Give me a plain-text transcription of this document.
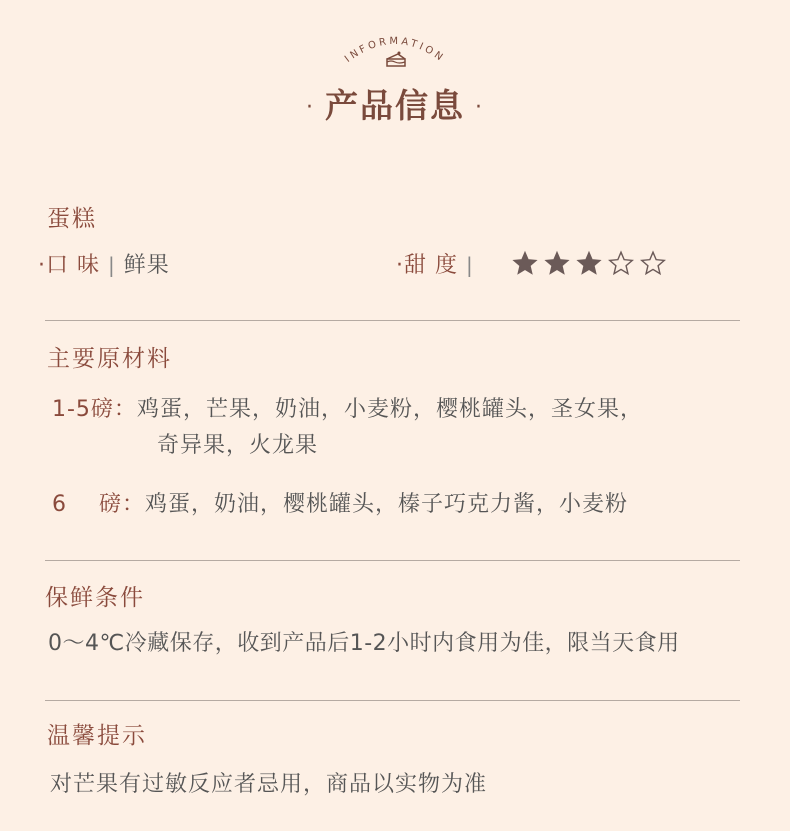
INFORMATION
· 产品信息 ·
蛋糕
·口 味 | 鲜果	·甜 度 |
主要原材料
1-5磅：鸡蛋，芒果，奶油，小麦粉，樱桃罐头，圣女果，
奇异果，火龙果
6    磅：鸡蛋，奶油，樱桃罐头，榛子巧克力酱，小麦粉
保鲜条件
0～4℃冷藏保存，收到产品后1-2小时内食用为佳，限当天食用
温馨提示
对芒果有过敏反应者忌用，商品以实物为准
